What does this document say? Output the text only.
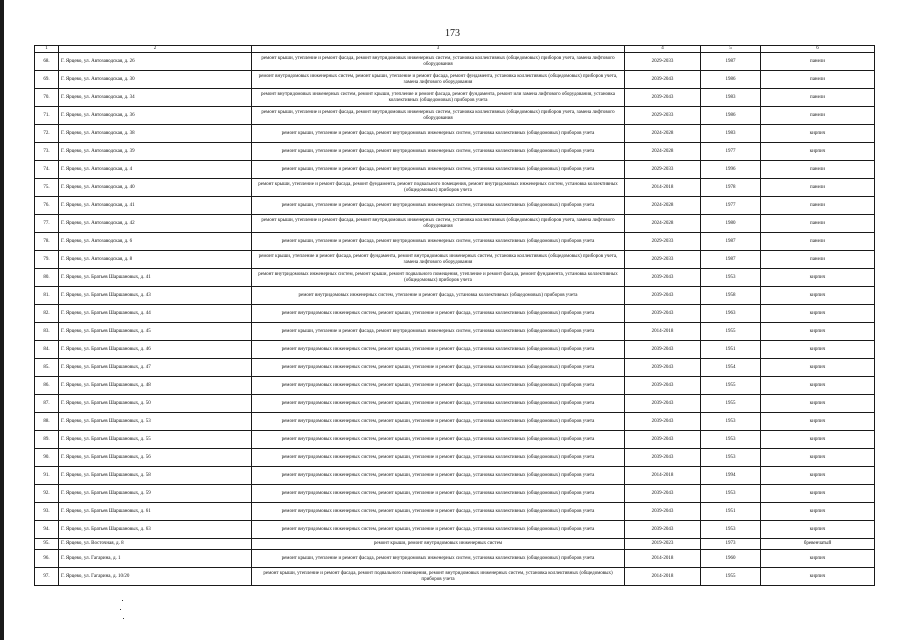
173
1	2	3	4	5	6
68.	Г. Ярцево, ул. Автозаводская, д. 26	ремонт крыши, утепление и ремонт фасада, ремонт внутридомовых инженерных систем, установка коллективных (общедомовых) приборов учета, замена лифтового оборудования	2029-2033	1987	панели
69.	Г. Ярцево, ул. Автозаводская, д. 30	ремонт внутридомовых инженерных систем, ремонт крыши, утепление и ремонт фасада, ремонт фундамента, установка коллективных (общедомовых) приборов учета, замена лифтового оборудования	2039-2043	1986	панели
70.	Г. Ярцево, ул. Автозаводская, д. 34	ремонт внутридомовых инженерных систем, ремонт крыши, утепление и ремонт фасада, ремонт фундамента, ремонт или замена лифтового оборудования, установка коллективных (общедомовых) приборов учета	2039-2043	1983	панели
71.	Г. Ярцево, ул. Автозаводская, д. 36	ремонт крыши, утепление и ремонт фасада, ремонт внутридомовых инженерных систем, установка коллективных (общедомовых) приборов учета, замена лифтового оборудования	2029-2033	1986	панели
72.	Г. Ярцево, ул. Автозаводская, д. 38	ремонт крыши, утепление и ремонт фасада, ремонт внутридомовых инженерных систем, установка коллективных (общедомовых) приборов учета	2024-2028	1983	кирпич
73.	Г. Ярцево, ул. Автозаводская, д. 39	ремонт крыши, утепление и ремонт фасада, ремонт внутридомовых инженерных систем, установка коллективных (общедомовых) приборов учета	2024-2028	1977	кирпич
74.	Г. Ярцево, ул. Автозаводская, д. 4	ремонт крыши, утепление и ремонт фасада, ремонт внутридомовых инженерных систем, установка коллективных (общедомовых) приборов учета	2029-2033	1996	панели
75.	Г. Ярцево, ул. Автозаводская, д. 40	ремонт крыши, утепление и ремонт фасада, ремонт фундамента, ремонт подвального помещения, ремонт внутридомовых инженерных систем, установка коллективных (общедомовых) приборов учета	2014-2018	1978	панели
76.	Г. Ярцево, ул. Автозаводская, д. 41	ремонт крыши, утепление и ремонт фасада, ремонт внутридомовых инженерных систем, установка коллективных (общедомовых) приборов учета	2024-2028	1977	панели
77.	Г. Ярцево, ул. Автозаводская, д. 42	ремонт крыши, утепление и ремонт фасада, ремонт внутридомовых инженерных систем, установка коллективных (общедомовых) приборов учета, замена лифтового оборудования	2024-2028	1980	панели
78.	Г. Ярцево, ул. Автозаводская, д. 6	ремонт крыши, утепление и ремонт фасада, ремонт внутридомовых инженерных систем, установка коллективных (общедомовых) приборов учета	2029-2033	1987	панели
79.	Г. Ярцево, ул. Автозаводская, д. 8	ремонт крыши, утепление и ремонт фасада, ремонт фундамента, ремонт внутридомовых инженерных систем, установка коллективных (общедомовых) приборов учета, замена лифтового оборудования	2029-2033	1987	панели
80.	Г. Ярцево, ул. Братьев Шаршановых, д. 41	ремонт внутридомовых инженерных систем, ремонт крыши, ремонт подвального помещения, утепление и ремонт фасада, ремонт фундамента, установка коллективных (общедомовых) приборов учета	2039-2043	1953	кирпич
81.	Г. Ярцево, ул. Братьев Шаршановых, д. 43	ремонт внутридомовых инженерных систем, утепление и ремонт фасада, установка коллективных (общедомовых) приборов учета	2039-2043	1958	кирпич
82.	Г. Ярцево, ул. Братьев Шаршановых, д. 44	ремонт внутридомовых инженерных систем, ремонт крыши, утепление и ремонт фасада, установка коллективных (общедомовых) приборов учета	2039-2043	1963	кирпич
83.	Г. Ярцево, ул. Братьев Шаршановых, д. 45	ремонт крыши, утепление и ремонт фасада, ремонт внутридомовых инженерных систем, установка коллективных (общедомовых) приборов учета	2014-2018	1955	кирпич
84.	Г. Ярцево, ул. Братьев Шаршановых, д. 46	ремонт внутридомовых инженерных систем, ремонт крыши, утепление и ремонт фасада, установка коллективных (общедомовых) приборов учета	2039-2043	1951	кирпич
85.	Г. Ярцево, ул. Братьев Шаршановых, д. 47	ремонт внутридомовых инженерных систем, ремонт крыши, утепление и ремонт фасада, установка коллективных (общедомовых) приборов учета	2039-2043	1954	кирпич
86.	Г. Ярцево, ул. Братьев Шаршановых, д. 48	ремонт внутридомовых инженерных систем, ремонт крыши, утепление и ремонт фасада, установка коллективных (общедомовых) приборов учета	2039-2043	1955	кирпич
87.	Г. Ярцево, ул. Братьев Шаршановых, д. 50	ремонт внутридомовых инженерных систем, ремонт крыши, утепление и ремонт фасада, установка коллективных (общедомовых) приборов учета	2039-2043	1955	кирпич
88.	Г. Ярцево, ул. Братьев Шаршановых, д. 53	ремонт внутридомовых инженерных систем, ремонт крыши, утепление и ремонт фасада, установка коллективных (общедомовых) приборов учета	2039-2043	1953	кирпич
89.	Г. Ярцево, ул. Братьев Шаршановых, д. 55	ремонт внутридомовых инженерных систем, ремонт крыши, утепление и ремонт фасада, установка коллективных (общедомовых) приборов учета	2039-2043	1953	кирпич
90.	Г. Ярцево, ул. Братьев Шаршановых, д. 56	ремонт внутридомовых инженерных систем, ремонт крыши, утепление и ремонт фасада, установка коллективных (общедомовых) приборов учета	2039-2043	1953	кирпич
91.	Г. Ярцево, ул. Братьев Шаршановых, д. 58	ремонт внутридомовых инженерных систем, ремонт крыши, утепление и ремонт фасада, установка коллективных (общедомовых) приборов учета	2014-2018	1994	кирпич
92.	Г. Ярцево, ул. Братьев Шаршановых, д. 59	ремонт внутридомовых инженерных систем, ремонт крыши, утепление и ремонт фасада, установка коллективных (общедомовых) приборов учета	2039-2043	1953	кирпич
93.	Г. Ярцево, ул. Братьев Шаршановых, д. 61	ремонт внутридомовых инженерных систем, ремонт крыши, утепление и ремонт фасада, установка коллективных (общедомовых) приборов учета	2039-2043	1951	кирпич
94.	Г. Ярцево, ул. Братьев Шаршановых, д. 63	ремонт внутридомовых инженерных систем, ремонт крыши, утепление и ремонт фасада, установка коллективных (общедомовых) приборов учета	2039-2043	1953	кирпич
95.	Г. Ярцево, ул. Восточная, д. 8	ремонт крыши, ремонт внутридомовых инженерных систем	2019-2023	1973	бревенчатый
96.	Г. Ярцево, ул. Гагарина, д. 1	ремонт крыши, утепление и ремонт фасада, ремонт внутридомовых инженерных систем, установка коллективных (общедомовых) приборов учета	2014-2018	1960	кирпич
97.	Г. Ярцево, ул. Гагарина, д. 10/20	ремонт крыши, утепление и ремонт фасада, ремонт подвального помещения, ремонт внутридомовых инженерных систем, установка коллективных (общедомовых) приборов учета	2014-2018	1955	кирпич
